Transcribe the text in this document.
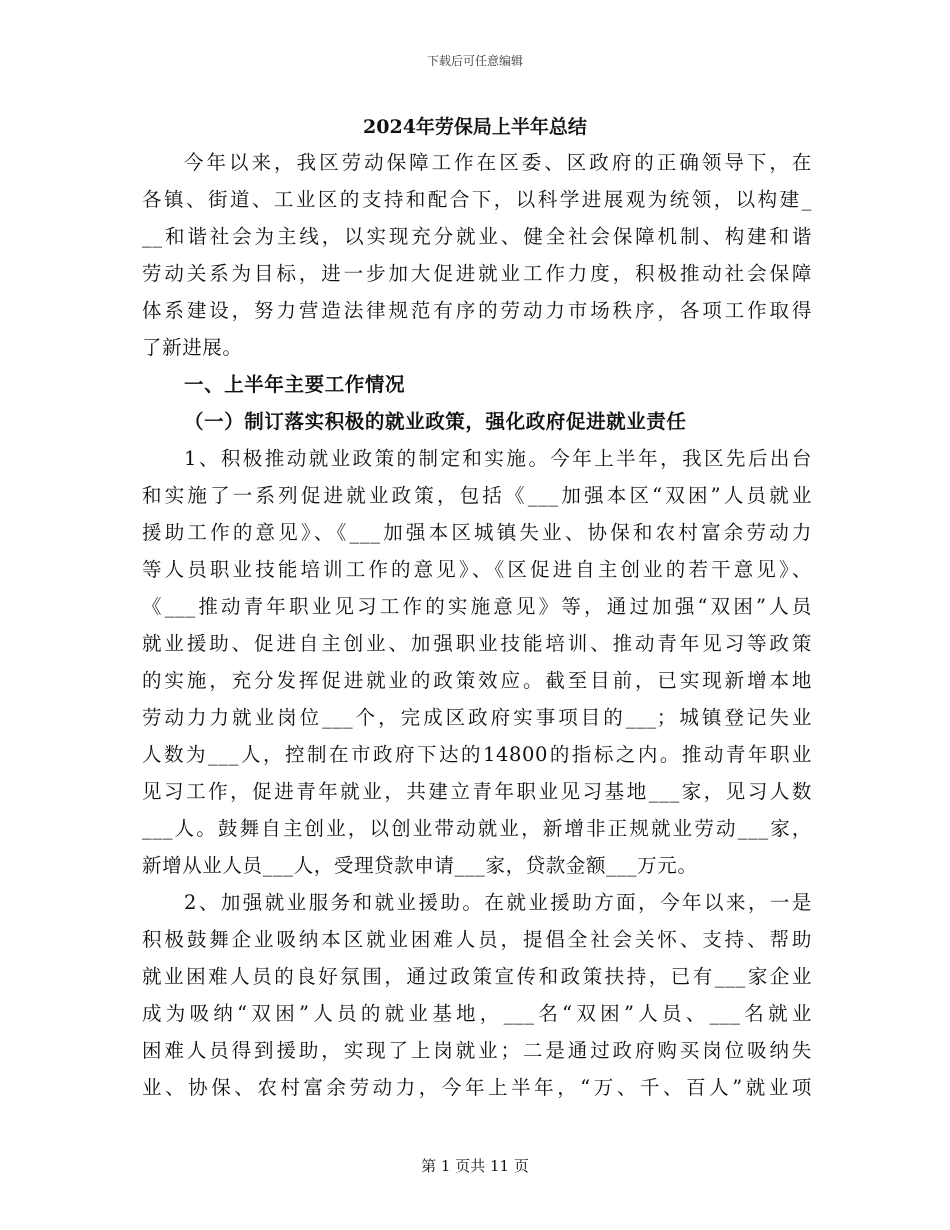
下载后可任意编辑
2024年劳保局上半年总结
今年以来，我区劳动保障工作在区委、区政府的正确领导下，在
各镇、街道、工业区的支持和配合下，以科学进展观为统领，以构建_
__和谐社会为主线，以实现充分就业、健全社会保障机制、构建和谐
劳动关系为目标，进一步加大促进就业工作力度，积极推动社会保障
体系建设，努力营造法律规范有序的劳动力市场秩序，各项工作取得
了新进展。
一、上半年主要工作情况
（一）制订落实积极的就业政策，强化政府促进就业责任
1、积极推动就业政策的制定和实施。今年上半年，我区先后出台
和实施了一系列促进就业政策，包括《___加强本区“双困”人员就业
援助工作的意见》、《___加强本区城镇失业、协保和农村富余劳动力
等人员职业技能培训工作的意见》、《区促进自主创业的若干意见》、
《___推动青年职业见习工作的实施意见》等，通过加强“双困”人员
就业援助、促进自主创业、加强职业技能培训、推动青年见习等政策
的实施，充分发挥促进就业的政策效应。截至目前，已实现新增本地
劳动力力就业岗位___个，完成区政府实事项目的___；城镇登记失业
人数为___人，控制在市政府下达的14800的指标之内。推动青年职业
见习工作，促进青年就业，共建立青年职业见习基地___家，见习人数
___人。鼓舞自主创业，以创业带动就业，新增非正规就业劳动___家，
新增从业人员___人，受理贷款申请___家，贷款金额___万元。
2、加强就业服务和就业援助。在就业援助方面，今年以来，一是
积极鼓舞企业吸纳本区就业困难人员，提倡全社会关怀、支持、帮助
就业困难人员的良好氛围，通过政策宣传和政策扶持，已有___家企业
成为吸纳“双困”人员的就业基地，___名“双困”人员、___名就业
困难人员得到援助，实现了上岗就业；二是通过政府购买岗位吸纳失
业、协保、农村富余劳动力，今年上半年，“万、千、百人”就业项
第 1 页共 11 页
